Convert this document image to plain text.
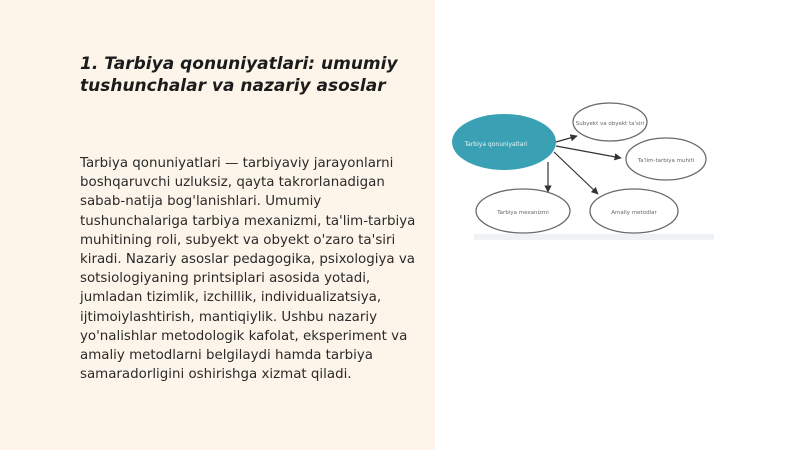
1. Tarbiya qonuniyatlari: umumiy tushunchalar va nazariy asoslar

Tarbiya qonuniyatlari — tarbiyaviy jarayonlarni boshqaruvchi uzluksiz, qayta takrorlanadigan sabab-natija bog'lanishlari. Umumiy tushunchalariga tarbiya mexanizmi, ta'lim-tarbiya muhitining roli, subyekt va obyekt o'zaro ta'siri kiradi. Nazariy asoslar pedagogika, psixologiya va sotsiologiyaning printsiplari asosida yotadi, jumladan tizimlik, izchillik, individualizatsiya, ijtimoiylashtirish, mantiqiylik. Ushbu nazariy yo'nalishlar metodologik kafolat, eksperiment va amaliy metodlarni belgilaydi hamda tarbiya samaradorligini oshirishga xizmat qiladi.

Tarbiya qonuniyatlari
Subyekt va obyekt ta'siri
Ta'lim-tarbiya muhiti
Amaliy metodlar
Tarbiya mexanizmi
